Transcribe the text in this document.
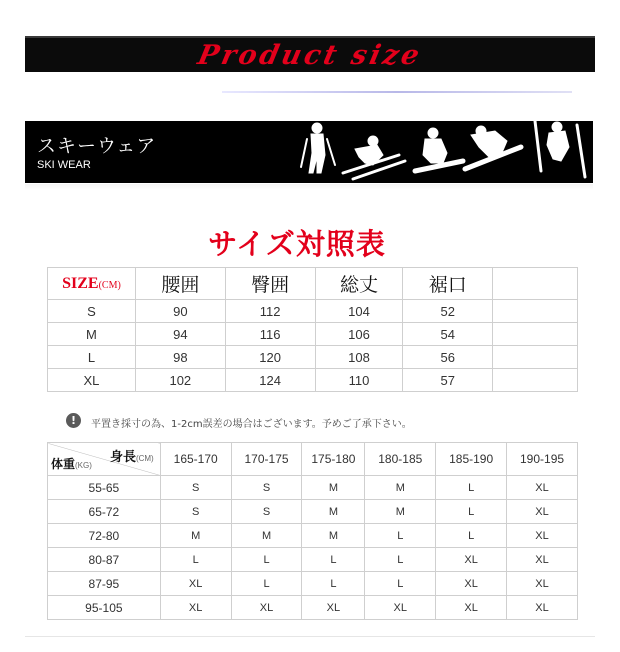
Product size
スキーウェア
SKI WEAR
サイズ対照表
SIZE(CM)	腰囲	臀囲	総丈	裾口	
S	90	112	104	52	
M	94	116	106	54	
L	98	120	108	56	
XL	102	124	110	57	
!	平置き採寸の為、1-2cm誤差の場合はございます。予めご了承下さい。
身長(CM)
体重(KG)	165-170	170-175	175-180	180-185	185-190	190-195
55-65	S	S	M	M	L	XL
65-72	S	S	M	M	L	XL
72-80	M	M	M	L	L	XL
80-87	L	L	L	L	XL	XL
87-95	XL	L	L	L	XL	XL
95-105	XL	XL	XL	XL	XL	XL
